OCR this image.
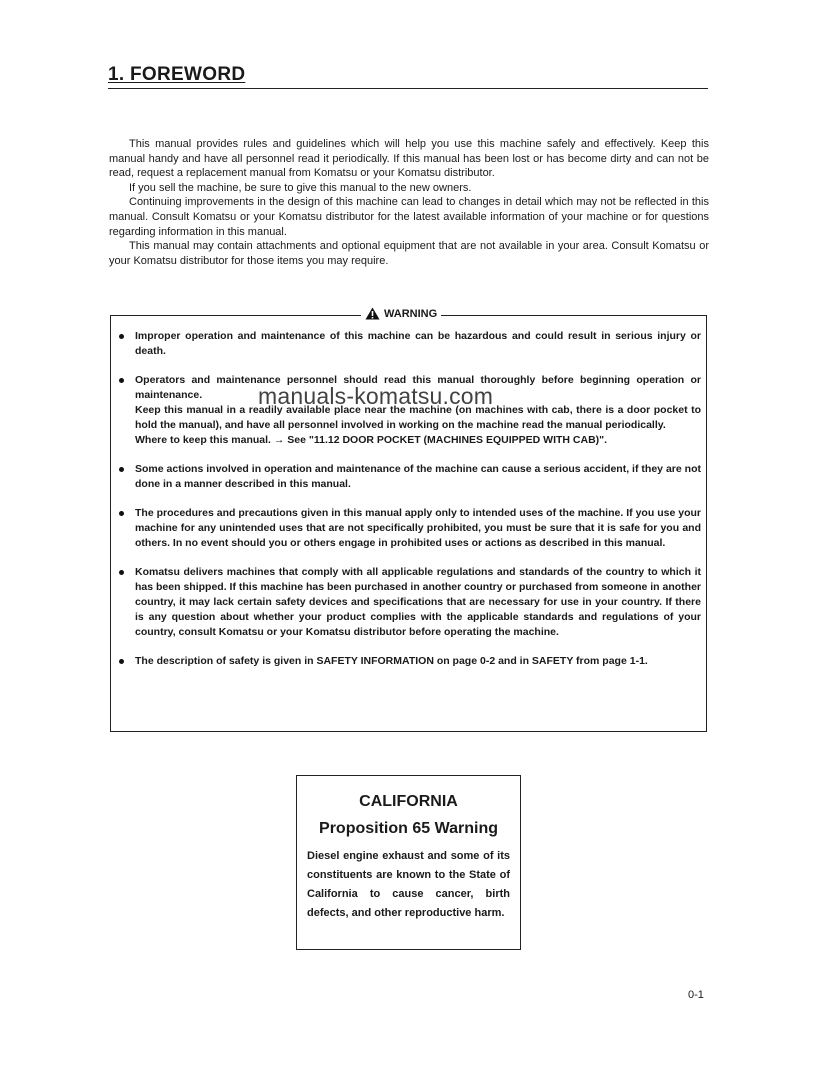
1. FOREWORD

This manual provides rules and guidelines which will help you use this machine safely and effectively. Keep this manual handy and have all personnel read it periodically. If this manual has been lost or has become dirty and can not be read, request a replacement manual from Komatsu or your Komatsu distributor.

If you sell the machine, be sure to give this manual to the new owners.

Continuing improvements in the design of this machine can lead to changes in detail which may not be reflected in this manual. Consult Komatsu or your Komatsu distributor for the latest available information of your machine or for questions regarding information in this manual.

This manual may contain attachments and optional equipment that are not available in your area. Consult Komatsu or your Komatsu distributor for those items you may require.

WARNING

Improper operation and maintenance of this machine can be hazardous and could result in serious injury or death.

Operators and maintenance personnel should read this manual thoroughly before beginning operation or maintenance.

Keep this manual in a readily available place near the machine (on machines with cab, there is a door pocket to hold the manual), and have all personnel involved in working on the machine read the manual periodically.

Where to keep this manual. → See "11.12 DOOR POCKET (MACHINES EQUIPPED WITH CAB)".

Some actions involved in operation and maintenance of the machine can cause a serious accident, if they are not done in a manner described in this manual.

The procedures and precautions given in this manual apply only to intended uses of the machine. If you use your machine for any unintended uses that are not specifically prohibited, you must be sure that it is safe for you and others. In no event should you or others engage in prohibited uses or actions as described in this manual.

Komatsu delivers machines that comply with all applicable regulations and standards of the country to which it has been shipped. If this machine has been purchased in another country or purchased from someone in another country, it may lack certain safety devices and specifications that are necessary for use in your country. If there is any question about whether your product complies with the applicable standards and regulations of your country, consult Komatsu or your Komatsu distributor before operating the machine.

The description of safety is given in SAFETY INFORMATION on page 0-2 and in SAFETY from page 1-1.

manuals-komatsu.com
CALIFORNIA
Proposition 65 Warning
Diesel engine exhaust and some of its constituents are known to the State of California to cause cancer, birth defects, and other reproductive harm.
0-1
